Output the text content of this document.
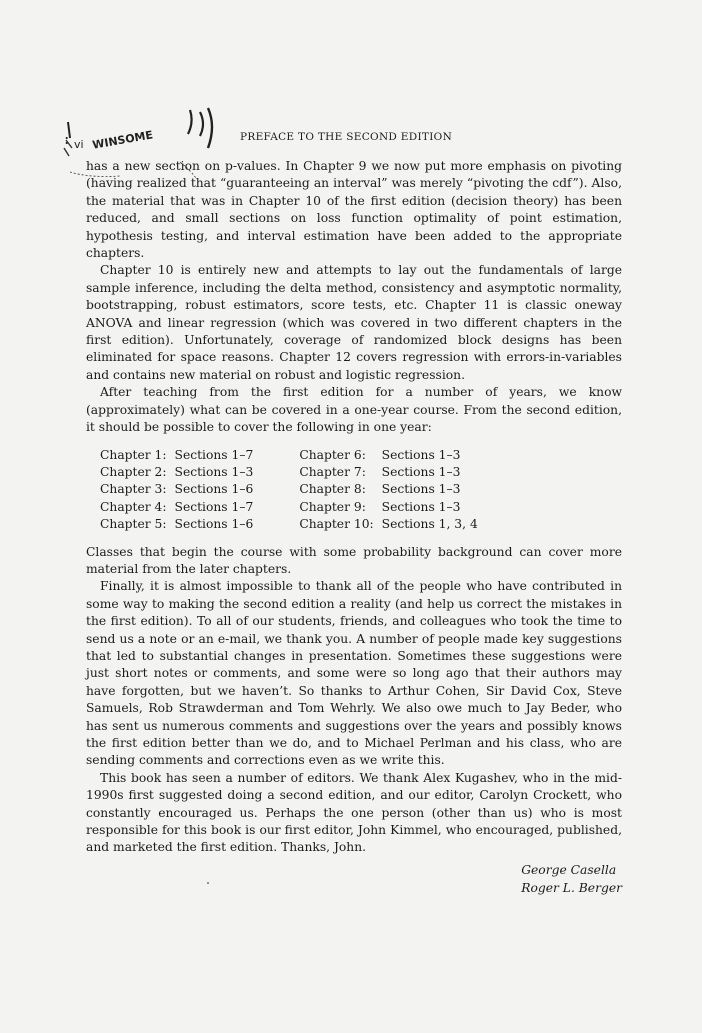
: vi WINSOME	PREFACE TO THE SECOND EDITION

has a new section on p-values. In Chapter 9 we now put more emphasis on pivoting (having realized that “guaranteeing an interval” was merely “pivoting the cdf”). Also, the material that was in Chapter 10 of the first edition (decision theory) has been reduced, and small sections on loss function optimality of point estimation, hypothesis testing, and interval estimation have been added to the appropriate chapters.

Chapter 10 is entirely new and attempts to lay out the fundamentals of large sample inference, including the delta method, consistency and asymptotic normality, bootstrapping, robust estimators, score tests, etc. Chapter 11 is classic oneway ANOVA and linear regression (which was covered in two different chapters in the first edition). Unfortunately, coverage of randomized block designs has been eliminated for space reasons. Chapter 12 covers regression with errors-in-variables and contains new material on robust and logistic regression.

After teaching from the first edition for a number of years, we know (approximately) what can be covered in a one-year course. From the second edition, it should be possible to cover the following in one year:

Chapter 1:	Sections 1–7	Chapter 6:	Sections 1–3
Chapter 2:	Sections 1–3	Chapter 7:	Sections 1–3
Chapter 3:	Sections 1–6	Chapter 8:	Sections 1–3
Chapter 4:	Sections 1–7	Chapter 9:	Sections 1–3
Chapter 5:	Sections 1–6	Chapter 10:	Sections 1, 3, 4

Classes that begin the course with some probability background can cover more material from the later chapters.

Finally, it is almost impossible to thank all of the people who have contributed in some way to making the second edition a reality (and help us correct the mistakes in the first edition). To all of our students, friends, and colleagues who took the time to send us a note or an e-mail, we thank you. A number of people made key suggestions that led to substantial changes in presentation. Sometimes these suggestions were just short notes or comments, and some were so long ago that their authors may have forgotten, but we haven’t. So thanks to Arthur Cohen, Sir David Cox, Steve Samuels, Rob Strawderman and Tom Wehrly. We also owe much to Jay Beder, who has sent us numerous comments and suggestions over the years and possibly knows the first edition better than we do, and to Michael Perlman and his class, who are sending comments and corrections even as we write this.

This book has seen a number of editors. We thank Alex Kugashev, who in the mid-1990s first suggested doing a second edition, and our editor, Carolyn Crockett, who constantly encouraged us. Perhaps the one person (other than us) who is most responsible for this book is our first editor, John Kimmel, who encouraged, published, and marketed the first edition. Thanks, John.

George Casella
Roger L. Berger
